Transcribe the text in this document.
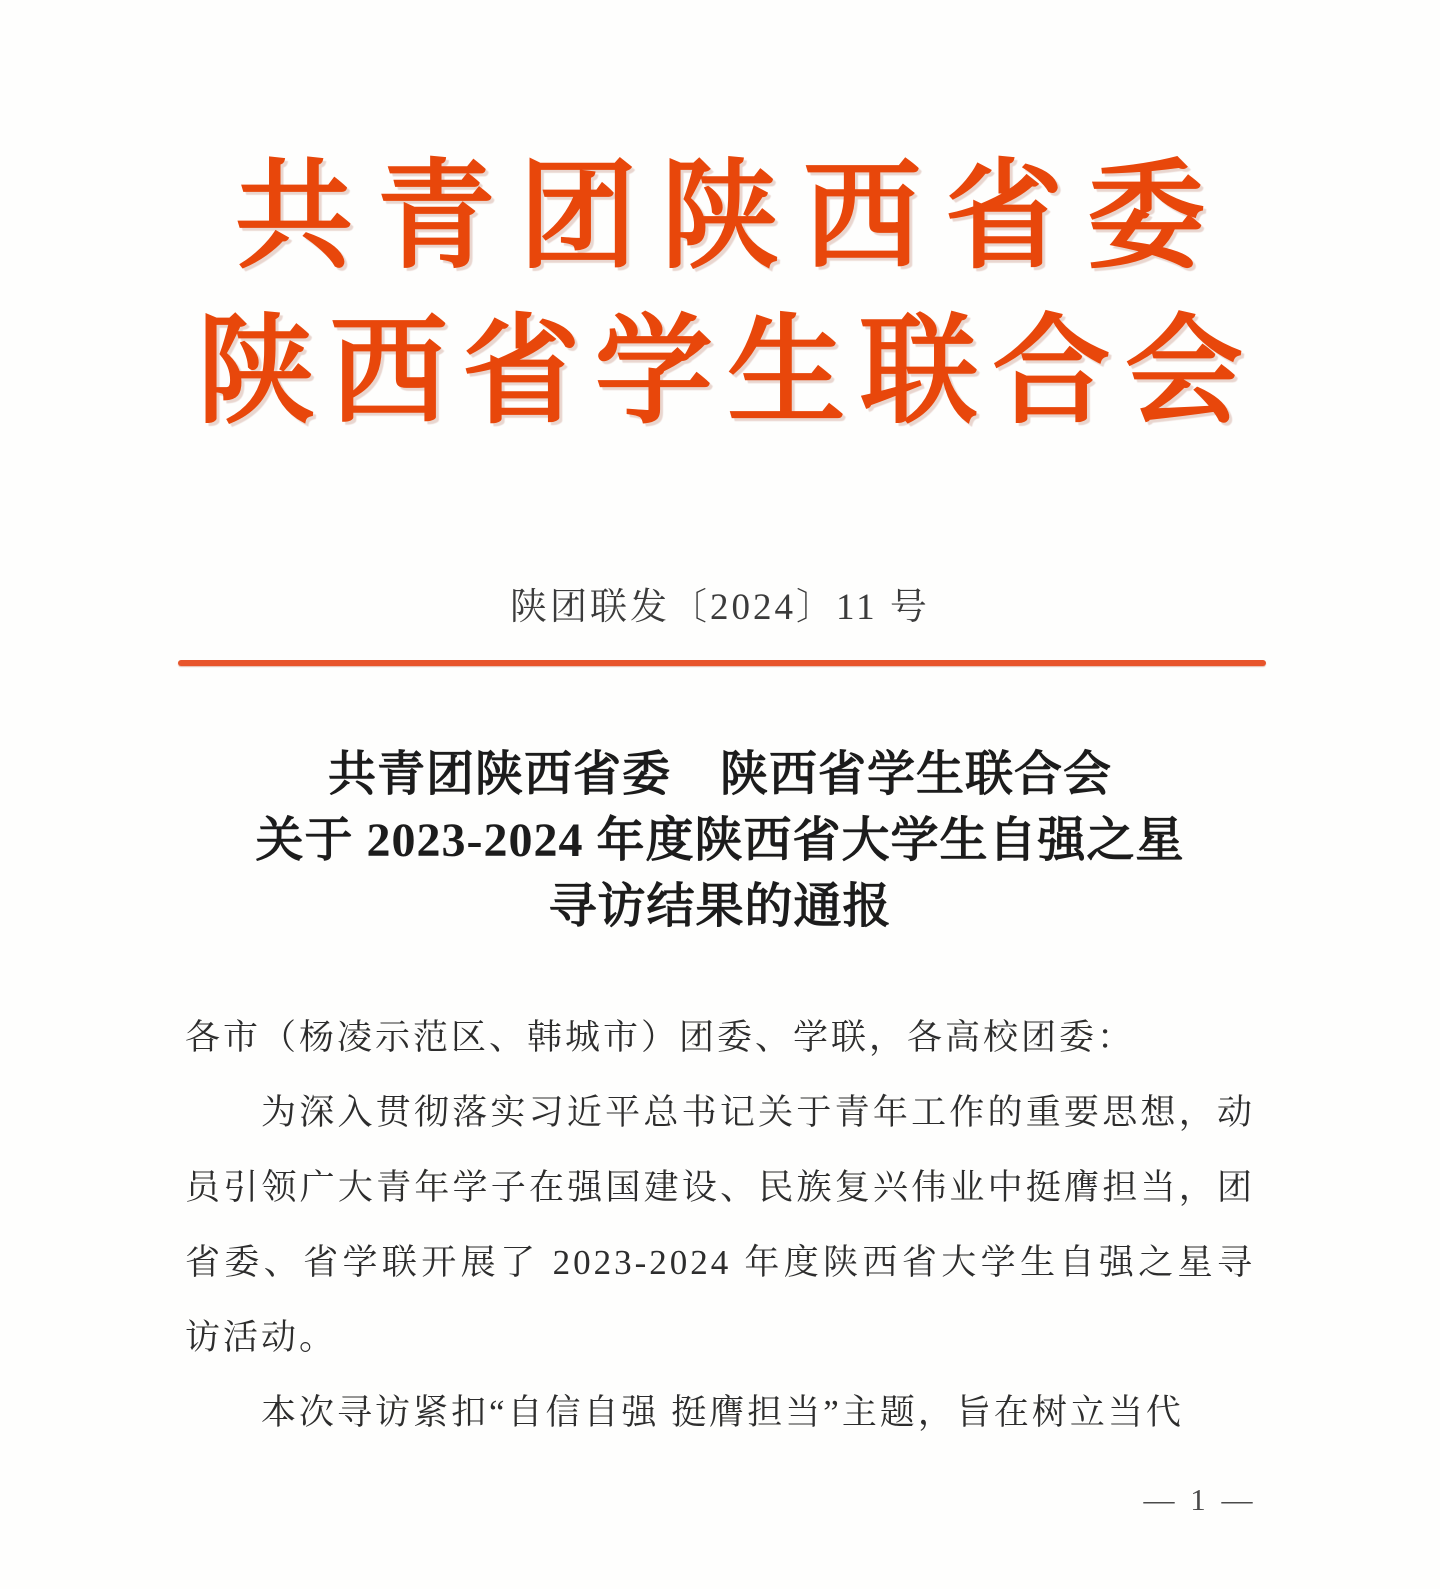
共青团陕西省委
陕西省学生联合会
陕团联发〔2024〕11 号
共青团陕西省委　陕西省学生联合会
关于 2023-2024 年度陕西省大学生自强之星
寻访结果的通报

各市（杨凌示范区、韩城市）团委、学联，各高校团委：

为深入贯彻落实习近平总书记关于青年工作的重要思想，动员引领广大青年学子在强国建设、民族复兴伟业中挺膺担当，团省委、省学联开展了 2023-2024 年度陕西省大学生自强之星寻访活动。

本次寻访紧扣“自信自强 挺膺担当”主题，旨在树立当代

— 1 —
